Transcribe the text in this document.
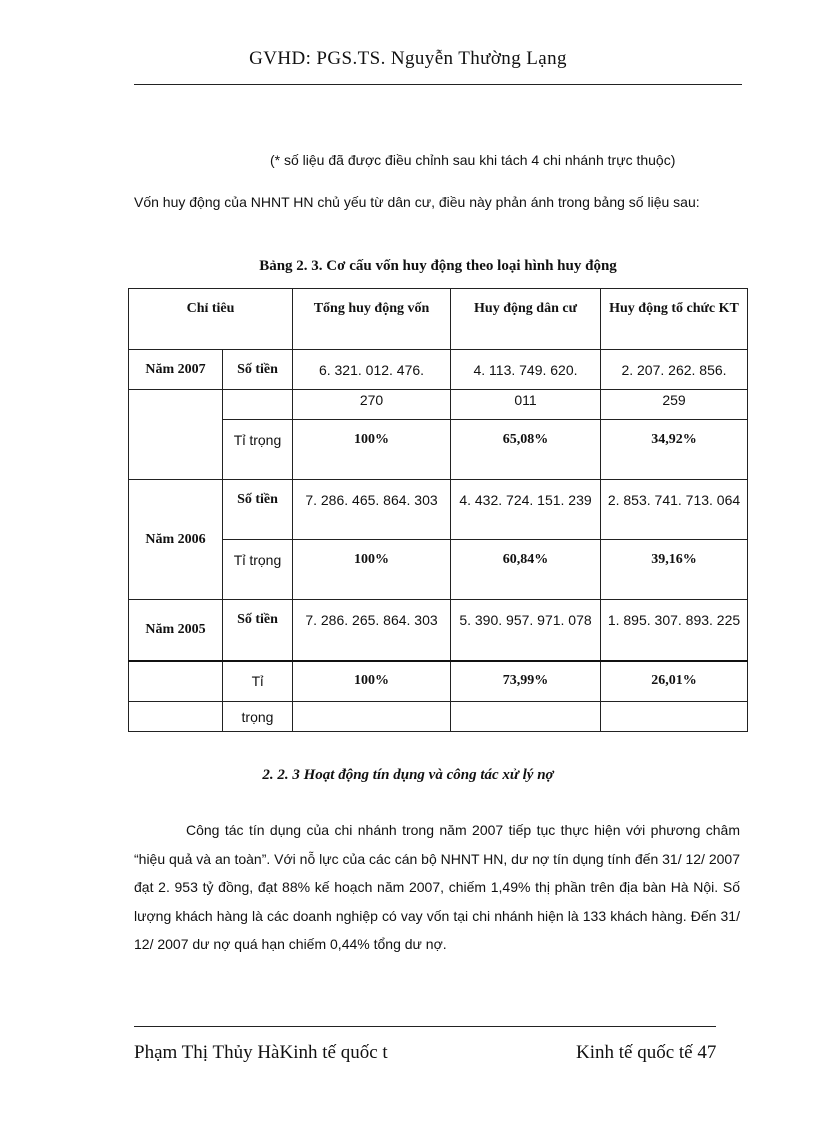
GVHD: PGS.TS. Nguyễn Thường Lạng
(* số liệu đã được điều chỉnh sau khi tách 4 chi nhánh trực thuộc)
Vốn huy động của NHNT HN chủ yếu từ dân cư, điều này phản ánh trong bảng số liệu sau:
Bảng 2. 3. Cơ cấu vốn huy động theo loại hình huy động
Chỉ tiêu		Tổng huy động vốn	Huy động dân cư	Huy động tổ chức KT

Năm 2007	Số tiền	6. 321. 012. 476.	4. 113. 749. 620.	2. 207. 262. 856.
		270	011	259

	Tỉ trọng	100%	65,08%	34,92%

Năm 2006	Số tiền	7. 286. 465. 864. 303	4. 432. 724. 151. 239	2. 853. 741. 713. 064

	Tỉ trọng	100%	60,84%	39,16%

Năm 2005	Số tiền	7. 286. 265. 864. 303	5. 390. 957. 971. 078	1. 895. 307. 893. 225

	Tỉ	100%	73,99%	26,01%
	trọng			
2. 2. 3 Hoạt động tín dụng và công tác xử lý nợ
Công tác tín dụng của chi nhánh trong năm 2007 tiếp tục thực hiện với phương châm “hiệu quả và an toàn”. Với nỗ lực của các cán bộ NHNT HN, dư nợ tín dụng tính đến 31/ 12/ 2007 đạt 2. 953 tỷ đồng, đạt 88% kế hoạch năm 2007, chiếm 1,49% thị phần trên địa bàn Hà Nội. Số lượng khách hàng là các doanh nghiệp có vay vốn tại chi nhánh hiện là 133 khách hàng. Đến 31/ 12/ 2007 dư nợ quá hạn chiếm 0,44% tổng dư nợ.
Phạm Thị Thủy HàKinh tế quốc t	Kinh tế quốc tế 47
